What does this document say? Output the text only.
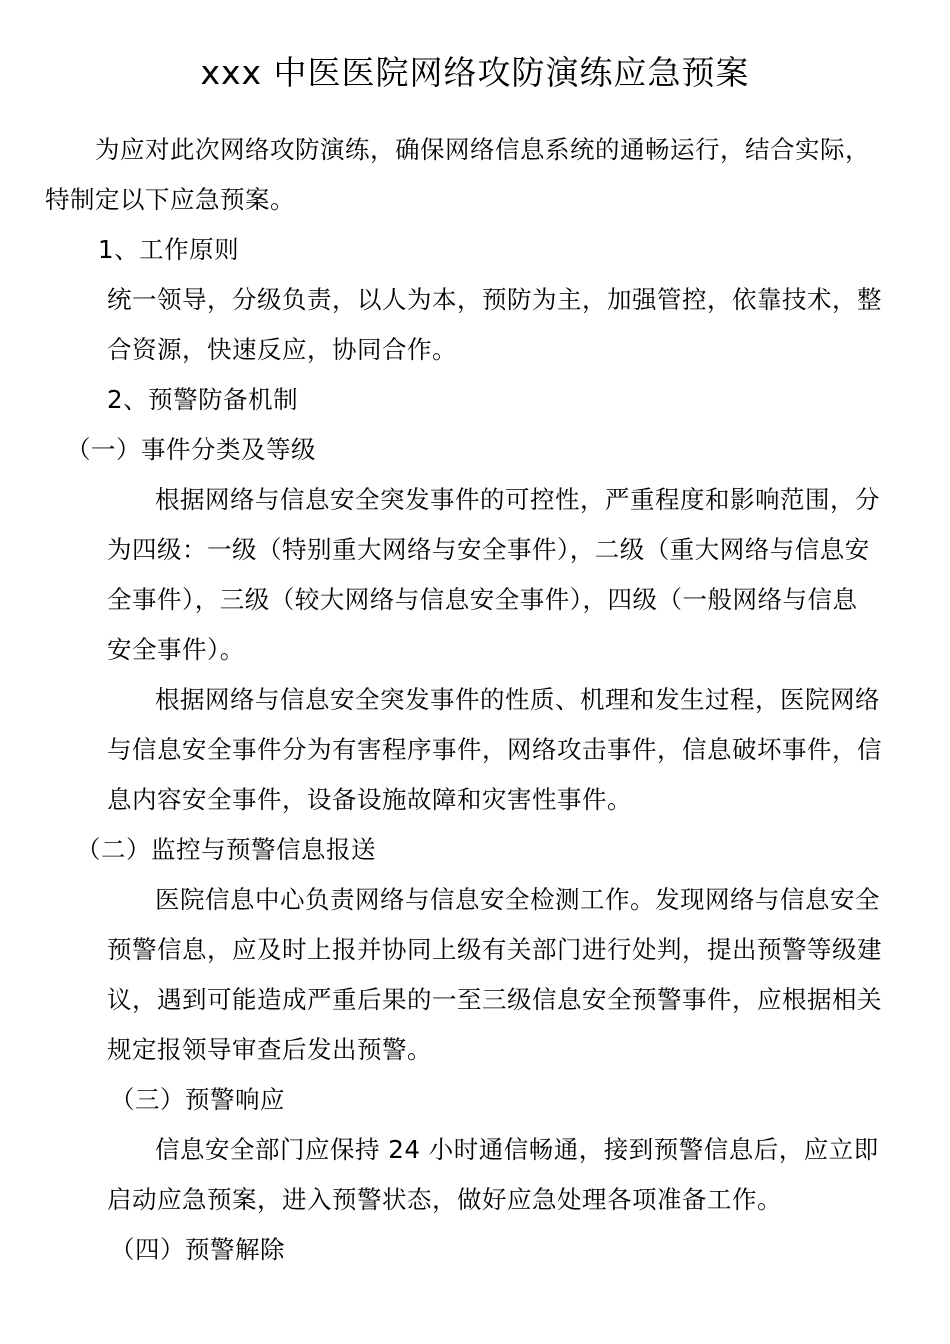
xxx 中医医院网络攻防演练应急预案
为应对此次网络攻防演练，确保网络信息系统的通畅运行，结合实际，
特制定以下应急预案。
1、工作原则
统一领导，分级负责，以人为本，预防为主，加强管控，依靠技术，整
合资源，快速反应，协同合作。
2、预警防备机制
（一）事件分类及等级
根据网络与信息安全突发事件的可控性，严重程度和影响范围，分
为四级：一级（特别重大网络与安全事件），二级（重大网络与信息安
全事件），三级（较大网络与信息安全事件），四级（一般网络与信息
安全事件）。
根据网络与信息安全突发事件的性质、机理和发生过程，医院网络
与信息安全事件分为有害程序事件，网络攻击事件，信息破坏事件，信
息内容安全事件，设备设施故障和灾害性事件。
（二）监控与预警信息报送
医院信息中心负责网络与信息安全检测工作。发现网络与信息安全
预警信息，应及时上报并协同上级有关部门进行处判，提出预警等级建
议，遇到可能造成严重后果的一至三级信息安全预警事件，应根据相关
规定报领导审查后发出预警。
（三）预警响应
信息安全部门应保持 24 小时通信畅通，接到预警信息后，应立即
启动应急预案，进入预警状态，做好应急处理各项准备工作。
（四）预警解除
